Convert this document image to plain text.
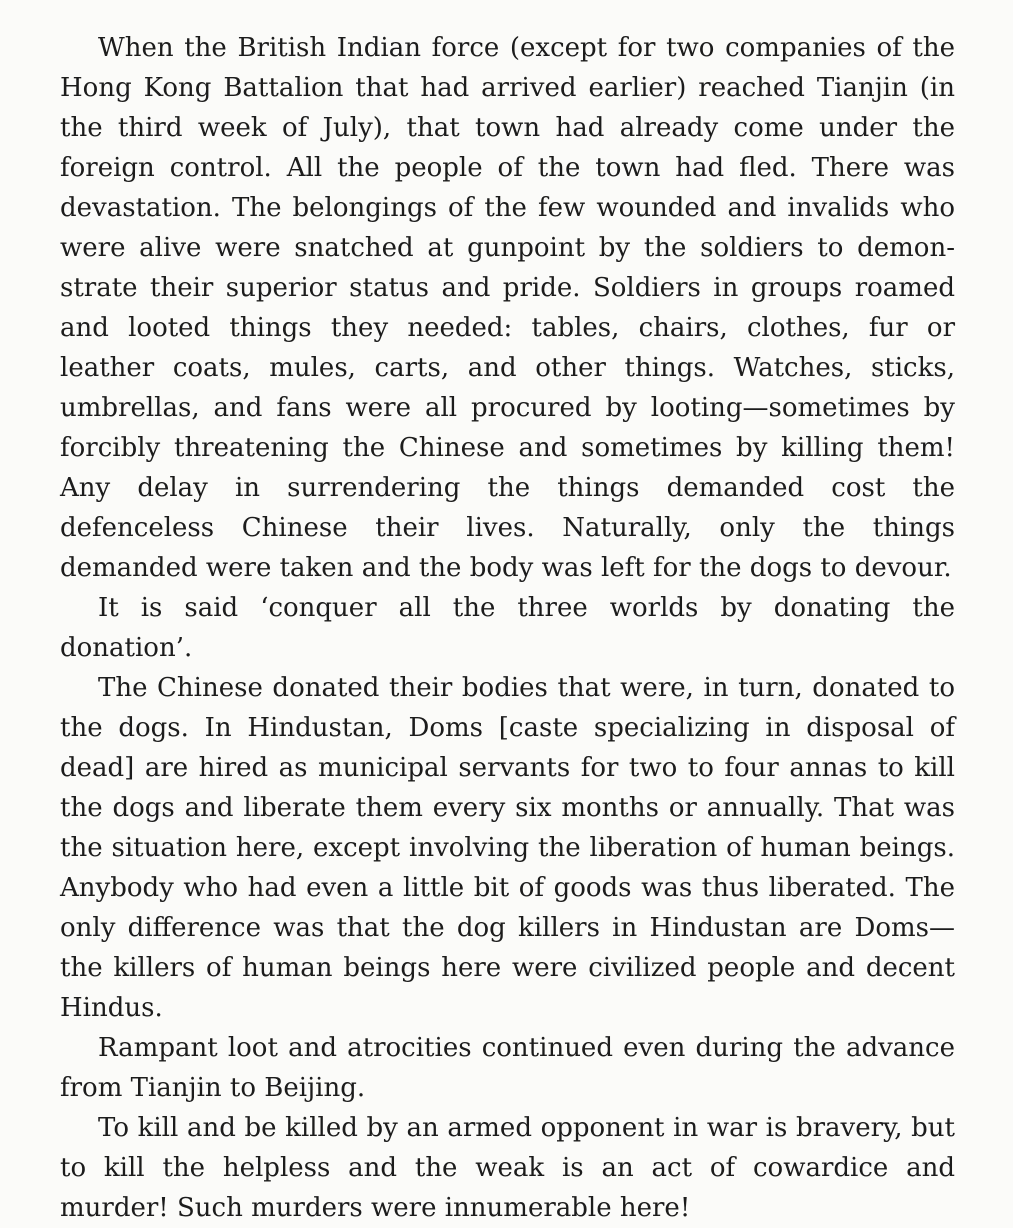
When the British Indian force (except for two companies of the Hong Kong Battalion that had arrived earlier) reached Tianjin (in the third week of July), that town had already come under the foreign control. All the people of the town had fled. There was devastation. The belongings of the few wounded and invalids who were alive were snatched at gunpoint by the soldiers to demonstrate their superior status and pride. Soldiers in groups roamed and looted things they needed: tables, chairs, clothes, fur or leather coats, mules, carts, and other things. Watches, sticks, umbrellas, and fans were all procured by looting—sometimes by forcibly threatening the Chinese and sometimes by killing them! Any delay in surrendering the things demanded cost the defenceless Chinese their lives. Naturally, only the things demanded were taken and the body was left for the dogs to devour.

It is said ‘conquer all the three worlds by donating the donation’.

The Chinese donated their bodies that were, in turn, donated to the dogs. In Hindustan, Doms [caste specializing in disposal of dead] are hired as municipal servants for two to four annas to kill the dogs and liberate them every six months or annually. That was the situation here, except involving the liberation of human beings. Anybody who had even a little bit of goods was thus liberated. The only difference was that the dog killers in Hindustan are Doms—the killers of human beings here were civilized people and decent Hindus.

Rampant loot and atrocities continued even during the advance from Tianjin to Beijing.

To kill and be killed by an armed opponent in war is bravery, but to kill the helpless and the weak is an act of cowardice and murder! Such murders were innumerable here!
